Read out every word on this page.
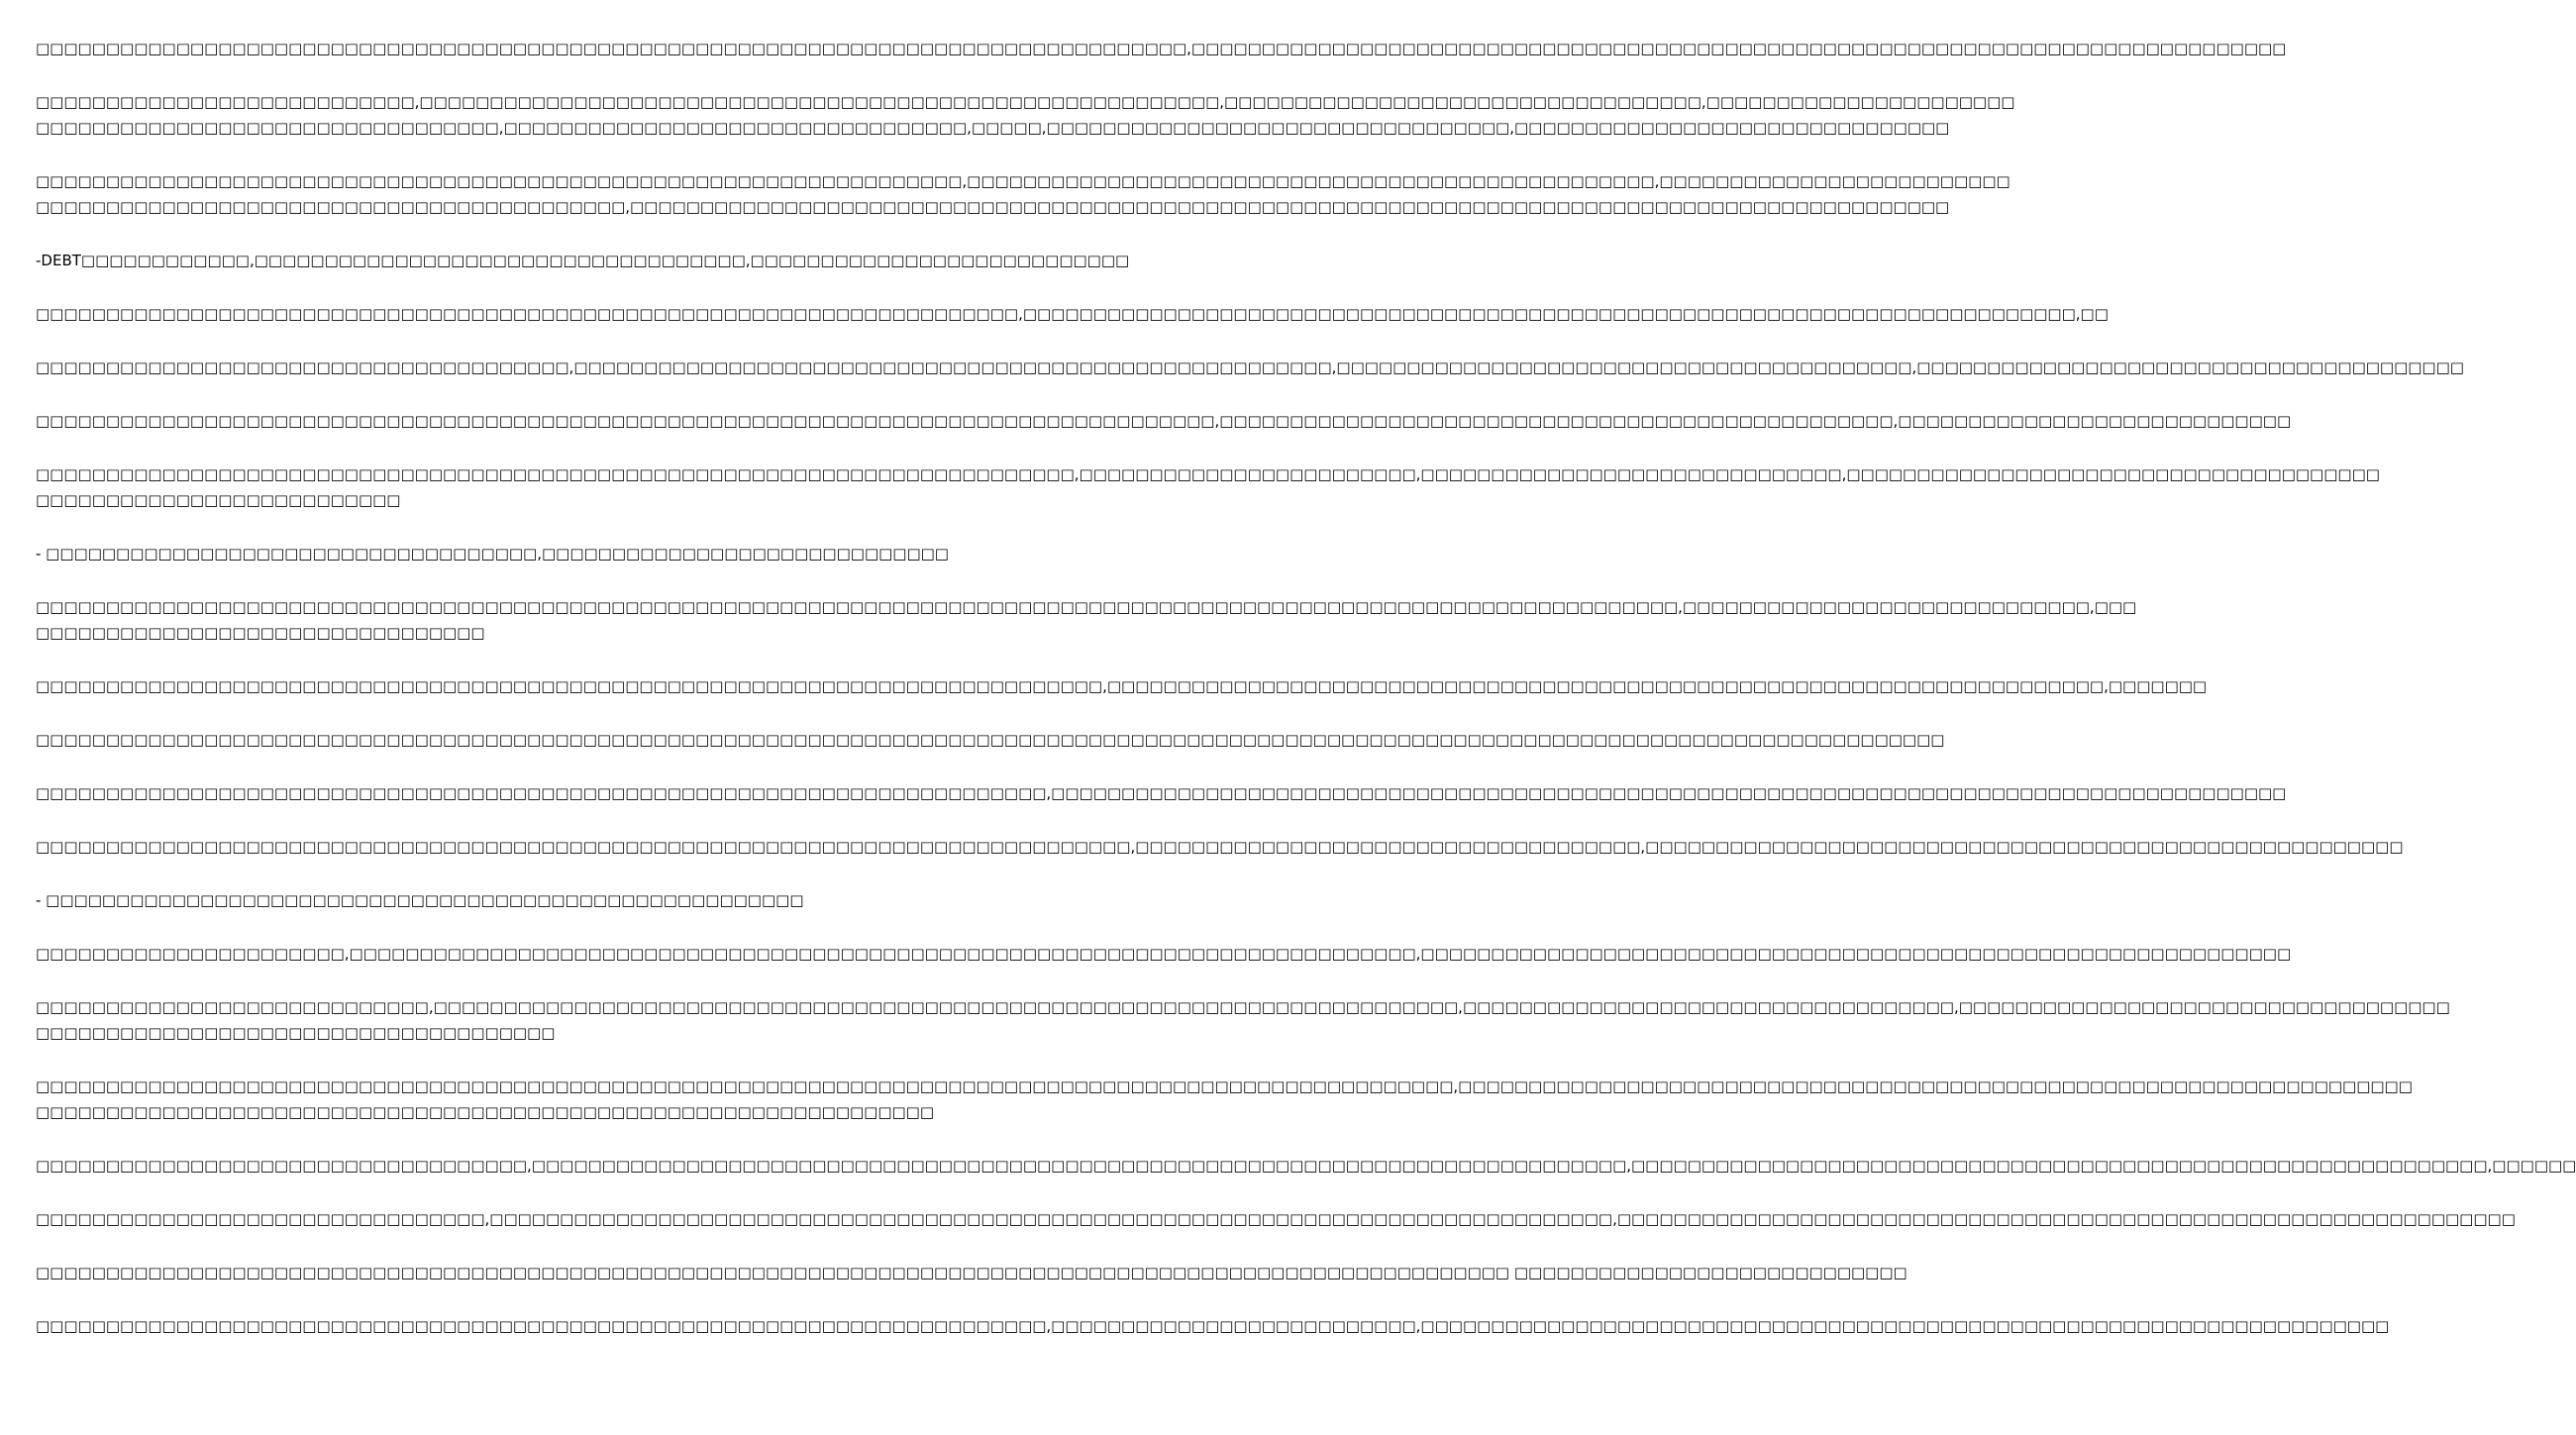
□□□□□□□□□□□□□□□□□□□□□□□□□□□□□□□□□□□□□□□□□□□□□□□□□□□□□□□□□□□□□□□□□□□□□□□□□□□□□□□□□□,□□□□□□□□□□□□□□□□□□□□□□□□□□□□□□□□□□□□□□□□□□□□□□□□□□□□□□□□□□□□□□□□□□□□□□□□□□□□□□
□□□□□□□□□□□□□□□□□□□□□□□□□□□,□□□□□□□□□□□□□□□□□□□□□□□□□□□□□□□□□□□□□□□□□□□□□□□□□□□□□□□□□,□□□□□□□□□□□□□□□□□□□□□□□□□□□□□□□□□□,□□□□□□□□□□□□□□□□□□□□□□
□□□□□□□□□□□□□□□□□□□□□□□□□□□□□□□□□,□□□□□□□□□□□□□□□□□□□□□□□□□□□□□□□□□,□□□□□,□□□□□□□□□□□□□□□□□□□□□□□□□□□□□□□□□,□□□□□□□□□□□□□□□□□□□□□□□□□□□□□□□
□□□□□□□□□□□□□□□□□□□□□□□□□□□□□□□□□□□□□□□□□□□□□□□□□□□□□□□□□□□□□□□□□□,□□□□□□□□□□□□□□□□□□□□□□□□□□□□□□□□□□□□□□□□□□□□□□□□□,□□□□□□□□□□□□□□□□□□□□□□□□□
□□□□□□□□□□□□□□□□□□□□□□□□□□□□□□□□□□□□□□□□□□,□□□□□□□□□□□□□□□□□□□□□□□□□□□□□□□□□□□□□□□□□□□□□□□□□□□□□□□□□□□□□□□□□□□□□□□□□□□□□□□□□□□□□□□□□□□□□□
-DEBT□□□□□□□□□□□□,□□□□□□□□□□□□□□□□□□□□□□□□□□□□□□□□□□□,□□□□□□□□□□□□□□□□□□□□□□□□□□□
□□□□□□□□□□□□□□□□□□□□□□□□□□□□□□□□□□□□□□□□□□□□□□□□□□□□□□□□□□□□□□□□□□□□□□,□□□□□□□□□□□□□□□□□□□□□□□□□□□□□□□□□□□□□□□□□□□□□□□□□□□□□□□□□□□□□□□□□□□□□□□□□□□,□□
□□□□□□□□□□□□□□□□□□□□□□□□□□□□□□□□□□□□□□,□□□□□□□□□□□□□□□□□□□□□□□□□□□□□□□□□□□□□□□□□□□□□□□□□□□□□□,□□□□□□□□□□□□□□□□□□□□□□□□□□□□□□□□□□□□□□□□□,□□□□□□□□□□□□□□□□□□□□□□□□□□□□□□□□□□□□□□□
□□□□□□□□□□□□□□□□□□□□□□□□□□□□□□□□□□□□□□□□□□□□□□□□□□□□□□□□□□□□□□□□□□□□□□□□□□□□□□□□□□□□,□□□□□□□□□□□□□□□□□□□□□□□□□□□□□□□□□□□□□□□□□□□□□□□□,□□□□□□□□□□□□□□□□□□□□□□□□□□□□
□□□□□□□□□□□□□□□□□□□□□□□□□□□□□□□□□□□□□□□□□□□□□□□□□□□□□□□□□□□□□□□□□□□□□□□□□□,□□□□□□□□□□□□□□□□□□□□□□□□,□□□□□□□□□□□□□□□□□□□□□□□□□□□□□□,□□□□□□□□□□□□□□□□□□□□□□□□□□□□□□□□□□□□□□
□□□□□□□□□□□□□□□□□□□□□□□□□□
- □□□□□□□□□□□□□□□□□□□□□□□□□□□□□□□□□□□,□□□□□□□□□□□□□□□□□□□□□□□□□□□□□
□□□□□□□□□□□□□□□□□□□□□□□□□□□□□□□□□□□□□□□□□□□□□□□□□□□□□□□□□□□□□□□□□□□□□□□□□□□□□□□□□□□□□□□□□□□□□□□□□□□□□□□□□□□□□□□□□□□□□,□□□□□□□□□□□□□□□□□□□□□□□□□□□□□,□□□
□□□□□□□□□□□□□□□□□□□□□□□□□□□□□□□□
□□□□□□□□□□□□□□□□□□□□□□□□□□□□□□□□□□□□□□□□□□□□□□□□□□□□□□□□□□□□□□□□□□□□□□□□□□□□,□□□□□□□□□□□□□□□□□□□□□□□□□□□□□□□□□□□□□□□□□□□□□□□□□□□□□□□□□□□□□□□□□□□□□□□,□□□□□□□
□□□□□□□□□□□□□□□□□□□□□□□□□□□□□□□□□□□□□□□□□□□□□□□□□□□□□□□□□□□□□□□□□□□□□□□□□□□□□□□□□□□□□□□□□□□□□□□□□□□□□□□□□□□□□□□□□□□□□□□□□□□□□□□□□□□□□□□□
□□□□□□□□□□□□□□□□□□□□□□□□□□□□□□□□□□□□□□□□□□□□□□□□□□□□□□□□□□□□□□□□□□□□□□□□,□□□□□□□□□□□□□□□□□□□□□□□□□□□□□□□□□□□□□□□□□□□□□□□□□□□□□□□□□□□□□□□□□□□□□□□□□□□□□□□□□□□□□□□□
□□□□□□□□□□□□□□□□□□□□□□□□□□□□□□□□□□□□□□□□□□□□□□□□□□□□□□□□□□□□□□□□□□□□□□□□□□□□□□,□□□□□□□□□□□□□□□□□□□□□□□□□□□□□□□□□□□□,□□□□□□□□□□□□□□□□□□□□□□□□□□□□□□□□□□□□□□□□□□□□□□□□□□□□□□
- □□□□□□□□□□□□□□□□□□□□□□□□□□□□□□□□□□□□□□□□□□□□□□□□□□□□□□
□□□□□□□□□□□□□□□□□□□□□□,□□□□□□□□□□□□□□□□□□□□□□□□□□□□□□□□□□□□□□□□□□□□□□□□□□□□□□□□□□□□□□□□□□□□□□□□□□□□,□□□□□□□□□□□□□□□□□□□□□□□□□□□□□□□□□□□□□□□□□□□□□□□□□□□□□□□□□□□□□□
□□□□□□□□□□□□□□□□□□□□□□□□□□□□,□□□□□□□□□□□□□□□□□□□□□□□□□□□□□□□□□□□□□□□□□□□□□□□□□□□□□□□□□□□□□□□□□□□□□□□□□,□□□□□□□□□□□□□□□□□□□□□□□□□□□□□□□□□□□,□□□□□□□□□□□□□□□□□□□□□□□□□□□□□□□□□□□
□□□□□□□□□□□□□□□□□□□□□□□□□□□□□□□□□□□□□
□□□□□□□□□□□□□□□□□□□□□□□□□□□□□□□□□□□□□□□□□□□□□□□□□□□□□□□□□□□□□□□□□□□□□□□□□□□□□□□□□□□□□□□□□□□□□□□□□□□□□,□□□□□□□□□□□□□□□□□□□□□□□□□□□□□□□□□□□□□□□□□□□□□□□□□□□□□□□□□□□□□□□□□□□□
□□□□□□□□□□□□□□□□□□□□□□□□□□□□□□□□□□□□□□□□□□□□□□□□□□□□□□□□□□□□□□□□
□□□□□□□□□□□□□□□□□□□□□□□□□□□□□□□□□□□,□□□□□□□□□□□□□□□□□□□□□□□□□□□□□□□□□□□□□□□□□□□□□□□□□□□□□□□□□□□□□□□□□□□□□□□□□□□□□□,□□□□□□□□□□□□□□□□□□□□□□□□□□□□□□□□□□□□□□□□□□□□□□□□□□□□□□□□□□□□□,□□□□□□
□□□□□□□□□□□□□□□□□□□□□□□□□□□□□□□□,□□□□□□□□□□□□□□□□□□□□□□□□□□□□□□□□□□□□□□□□□□□□□□□□□□□□□□□□□□□□□□□□□□□□□□□□□□□□□□□□,□□□□□□□□□□□□□□□□□□□□□□□□□□□□□□□□□□□□□□□□□□□□□□□□□□□□□□□□□□□□□□□□
□□□□□□□□□□□□□□□□□□□□□□□□□□□□□□□□□□□□□□□□□□□□□□□□□□□□□□□□□□□□□□□□□□□□□□□□□□□□□□□□□□□□□□□□□□□□□□□□□□□□□□□□□ □□□□□□□□□□□□□□□□□□□□□□□□□□□□
□□□□□□□□□□□□□□□□□□□□□□□□□□□□□□□□□□□□□□□□□□□□□□□□□□□□□□□□□□□□□□□□□□□□□□□□,□□□□□□□□□□□□□□□□□□□□□□□□□□,□□□□□□□□□□□□□□□□□□□□□□□□□□□□□□□□□□□□□□□□□□□□□□□□□□□□□□□□□□□□□□□□□□□□□
